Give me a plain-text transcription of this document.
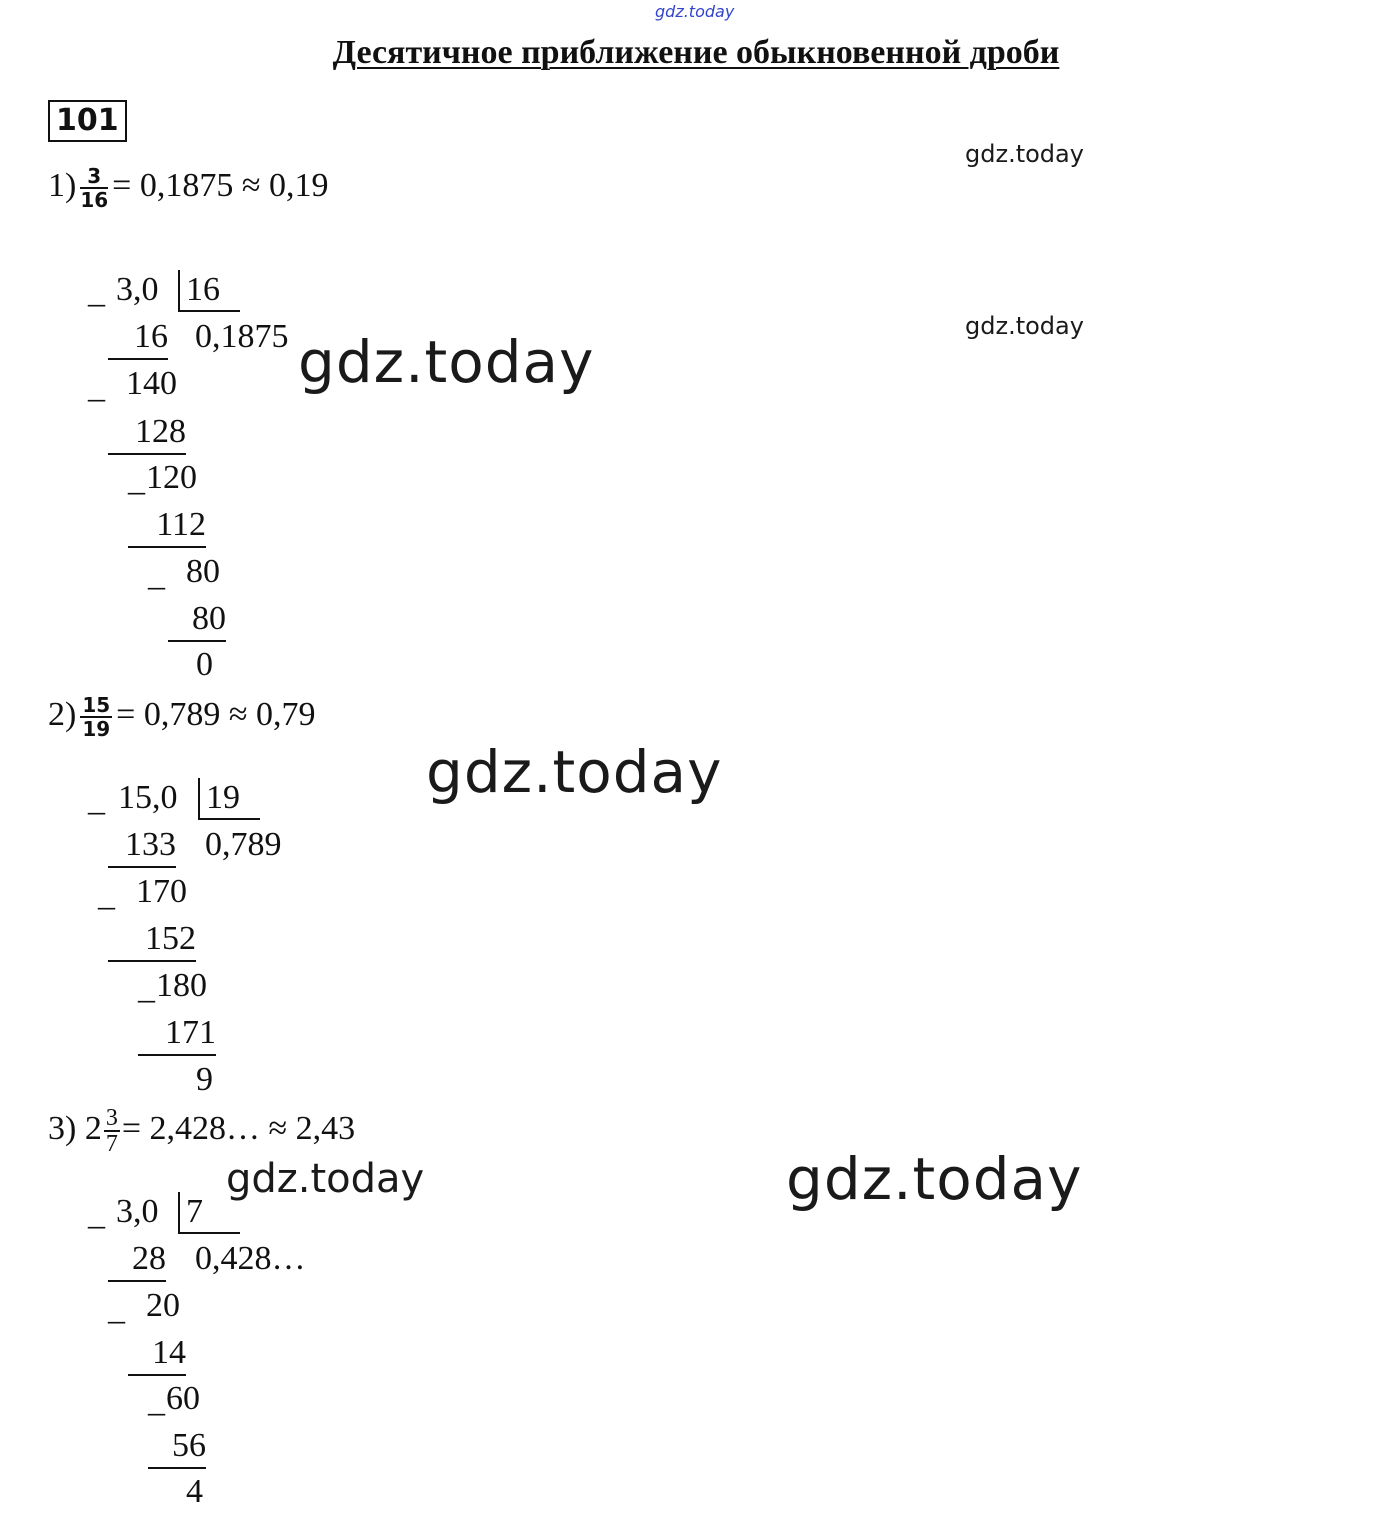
gdz.today
Десятичное приближение обыкновенной дроби
101
$1) \frac{3}{16} = 0,1875 \approx 0,19$
_ 3,0 16
16 0,1875
_ 140
128
_ 120
112
_ 80
80
0
$2) \frac{15}{19} = 0,789 \approx 0,79$
_ 15,0 19
133 0,789
_ 170
152
_ 180
171
9
3) $2 \frac{3}{7}$ = 2,428… ≈ 2,43
_ 3,0 7
28 0,428…
_ 20
14
_ 60
56
4
gdz.today
gdz.today
gdz.today
gdz.today
gdz.today	gdz.today
